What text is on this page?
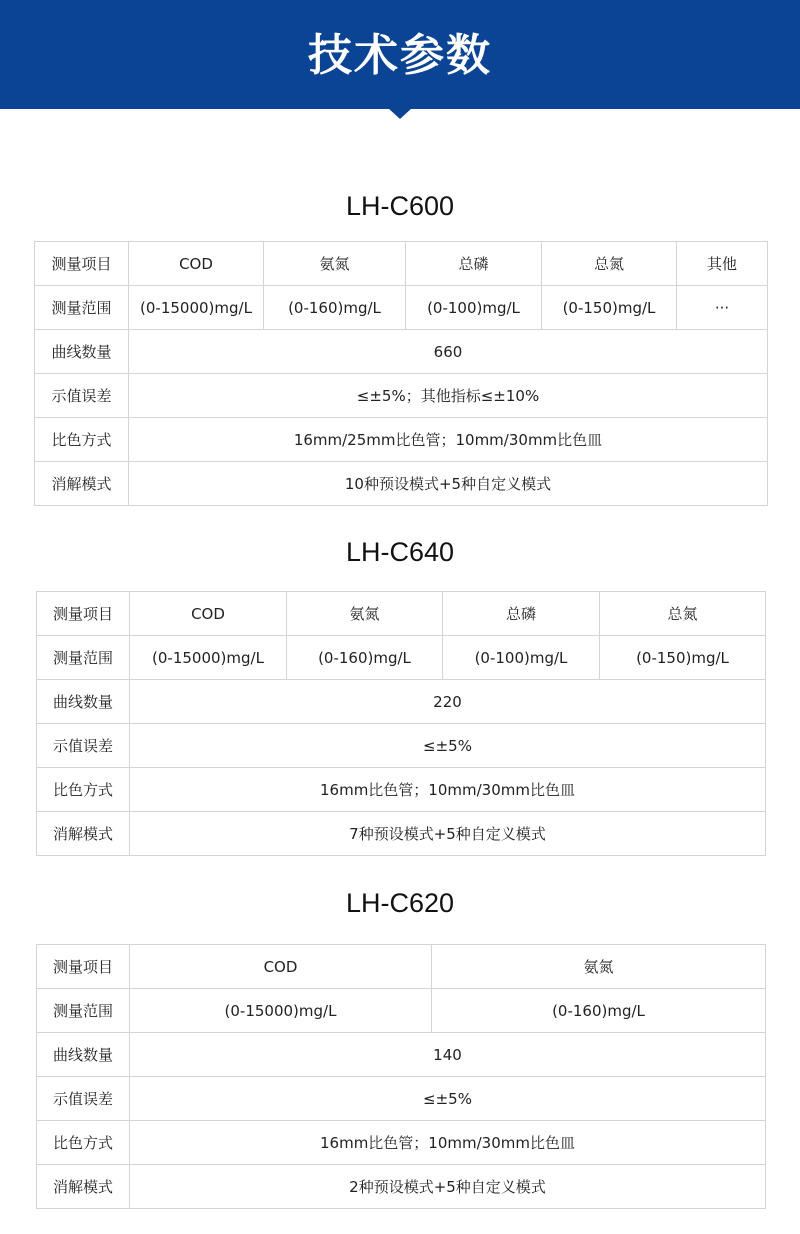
技术参数
LH-C600
测量项目	COD	氨氮	总磷	总氮	其他
测量范围	(0-15000)mg/L	(0-160)mg/L	(0-100)mg/L	(0-150)mg/L	···
曲线数量	660				
示值误差	≤±5%；其他指标≤±10%				
比色方式	16mm/25mm比色管；10mm/30mm比色皿				
消解模式	10种预设模式+5种自定义模式				
LH-C640
测量项目	COD	氨氮	总磷	总氮
测量范围	(0-15000)mg/L	(0-160)mg/L	(0-100)mg/L	(0-150)mg/L
曲线数量	220			
示值误差	≤±5%			
比色方式	16mm比色管；10mm/30mm比色皿			
消解模式	7种预设模式+5种自定义模式			
LH-C620
测量项目	COD	氨氮
测量范围	(0-15000)mg/L	(0-160)mg/L
曲线数量	140	
示值误差	≤±5%	
比色方式	16mm比色管；10mm/30mm比色皿	
消解模式	2种预设模式+5种自定义模式	
